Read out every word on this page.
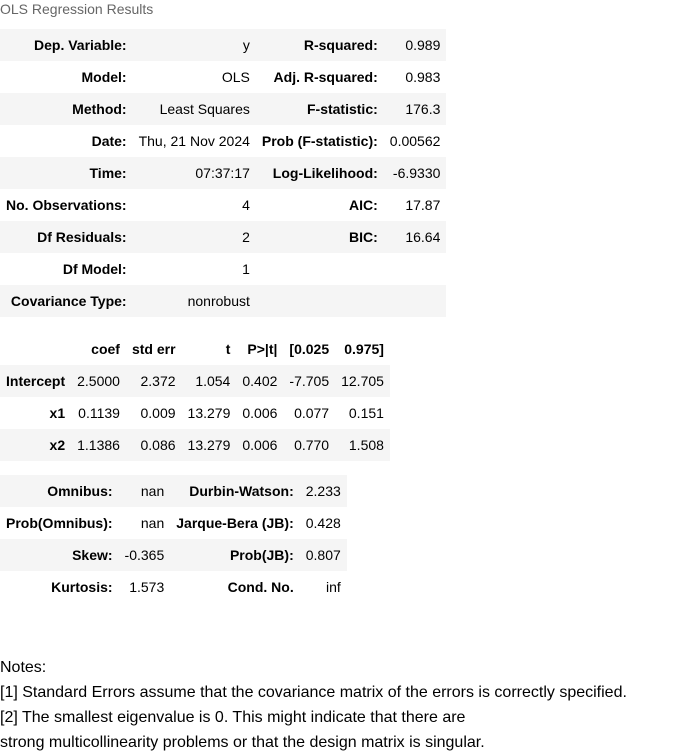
OLS Regression Results
Dep. Variable:	y	R-squared:	0.989
Model:	OLS	Adj. R-squared:	0.983
Method:	Least Squares	F-statistic:	176.3
Date:	Thu, 21 Nov 2024	Prob (F-statistic):	0.00562
Time:	07:37:17	Log-Likelihood:	-6.9330
No. Observations:	4	AIC:	17.87
Df Residuals:	2	BIC:	16.64
Df Model:	1		
Covariance Type:	nonrobust		
	coef	std err	t	P>|t|	[0.025	0.975]
Intercept	2.5000	2.372	1.054	0.402	-7.705	12.705
x1	0.1139	0.009	13.279	0.006	0.077	0.151
x2	1.1386	0.086	13.279	0.006	0.770	1.508
Omnibus:	nan	Durbin-Watson:	2.233
Prob(Omnibus):	nan	Jarque-Bera (JB):	0.428
Skew:	-0.365	Prob(JB):	0.807
Kurtosis:	1.573	Cond. No.	inf
Notes:
[1] Standard Errors assume that the covariance matrix of the errors is correctly specified.
[2] The smallest eigenvalue is 0. This might indicate that there are
strong multicollinearity problems or that the design matrix is singular.
